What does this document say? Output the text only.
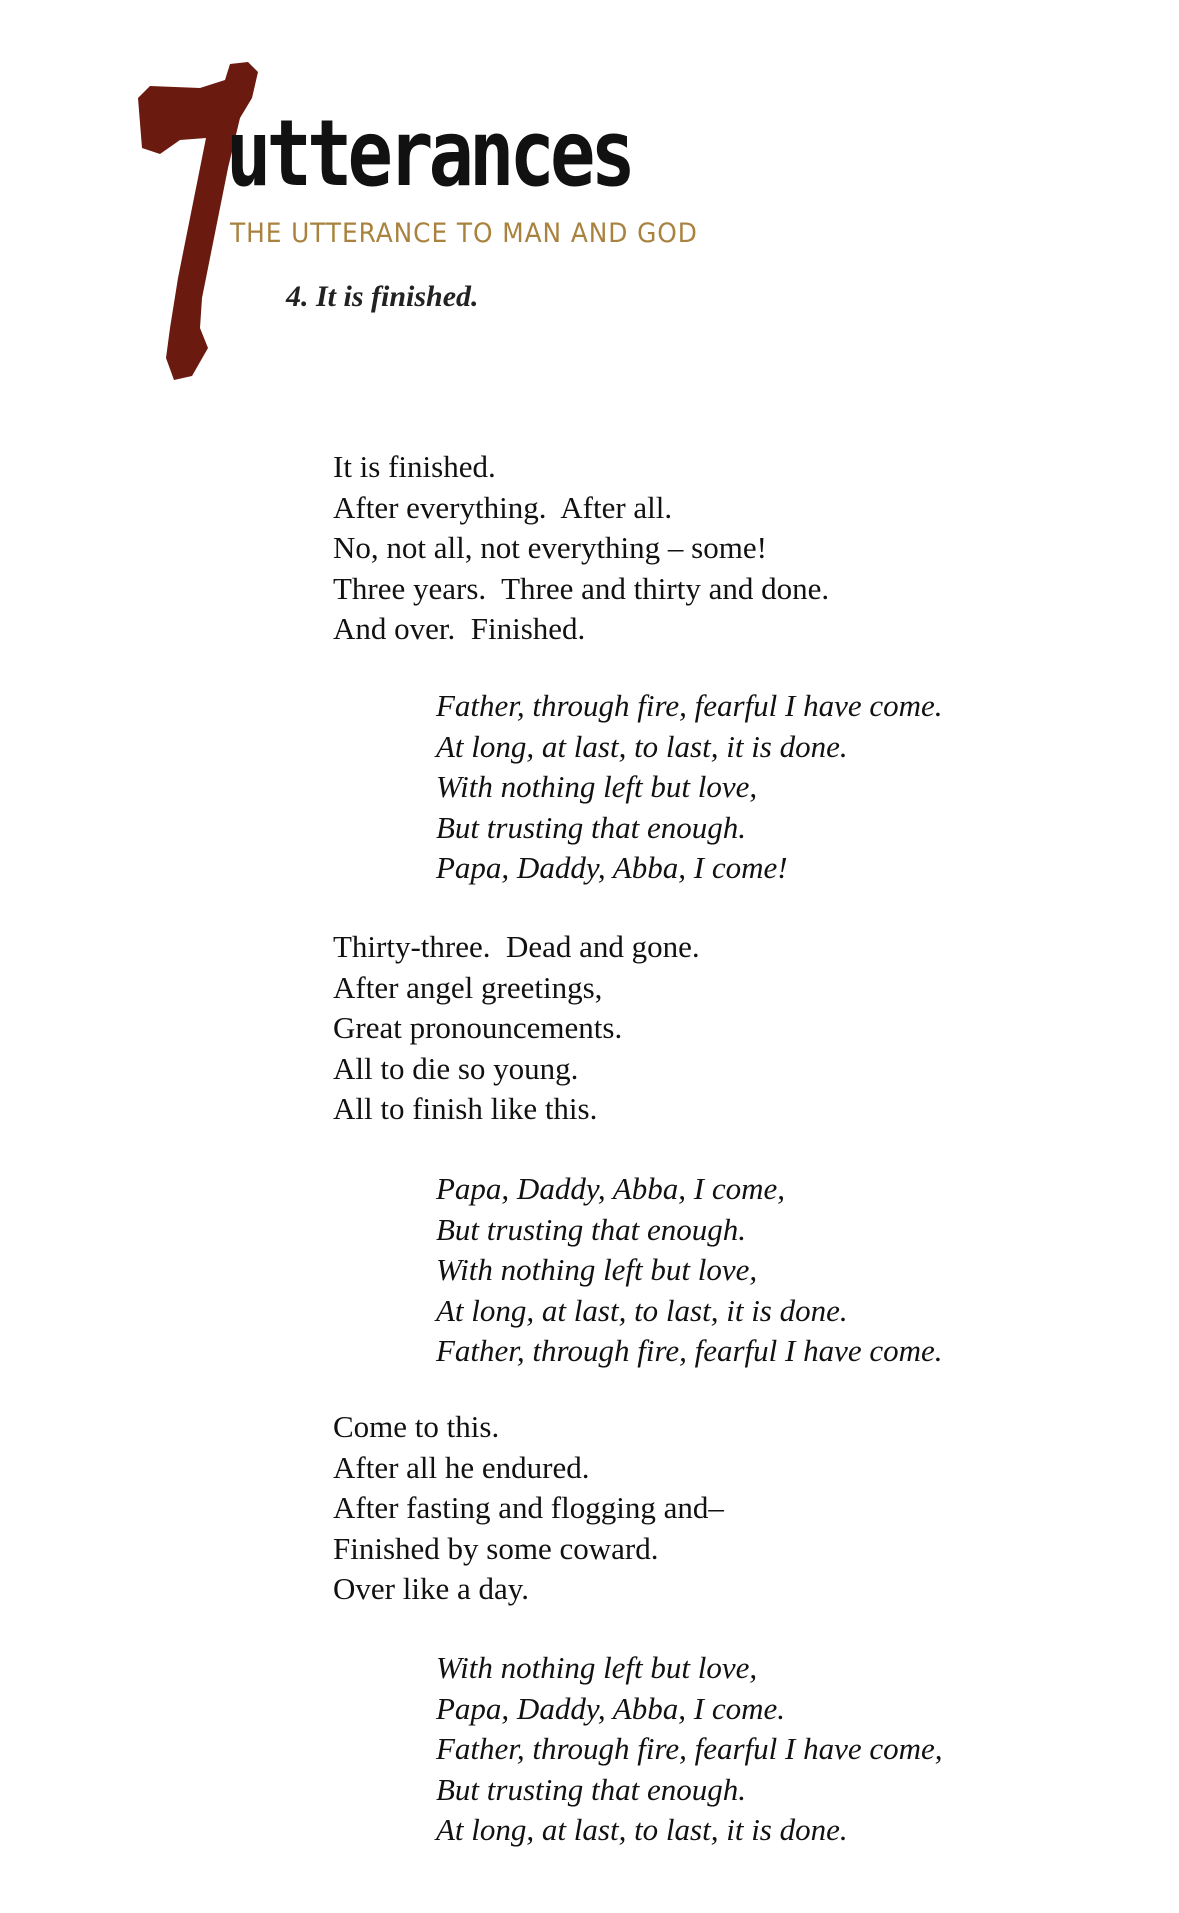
utterances
THE UTTERANCE TO MAN AND GOD
4. It is finished.
It is finished.
After everything.  After all.
No, not all, not everything – some!
Three years.  Three and thirty and done.
And over.  Finished.
Father, through fire, fearful I have come.
At long, at last, to last, it is done.
With nothing left but love,
But trusting that enough.
Papa, Daddy, Abba, I come!
Thirty-three.  Dead and gone.
After angel greetings,
Great pronouncements.
All to die so young.
All to finish like this.
Papa, Daddy, Abba, I come,
But trusting that enough.
With nothing left but love,
At long, at last, to last, it is done.
Father, through fire, fearful I have come.
Come to this.
After all he endured.
After fasting and flogging and–
Finished by some coward.
Over like a day.
With nothing left but love,
Papa, Daddy, Abba, I come.
Father, through fire, fearful I have come,
But trusting that enough.
At long, at last, to last, it is done.
